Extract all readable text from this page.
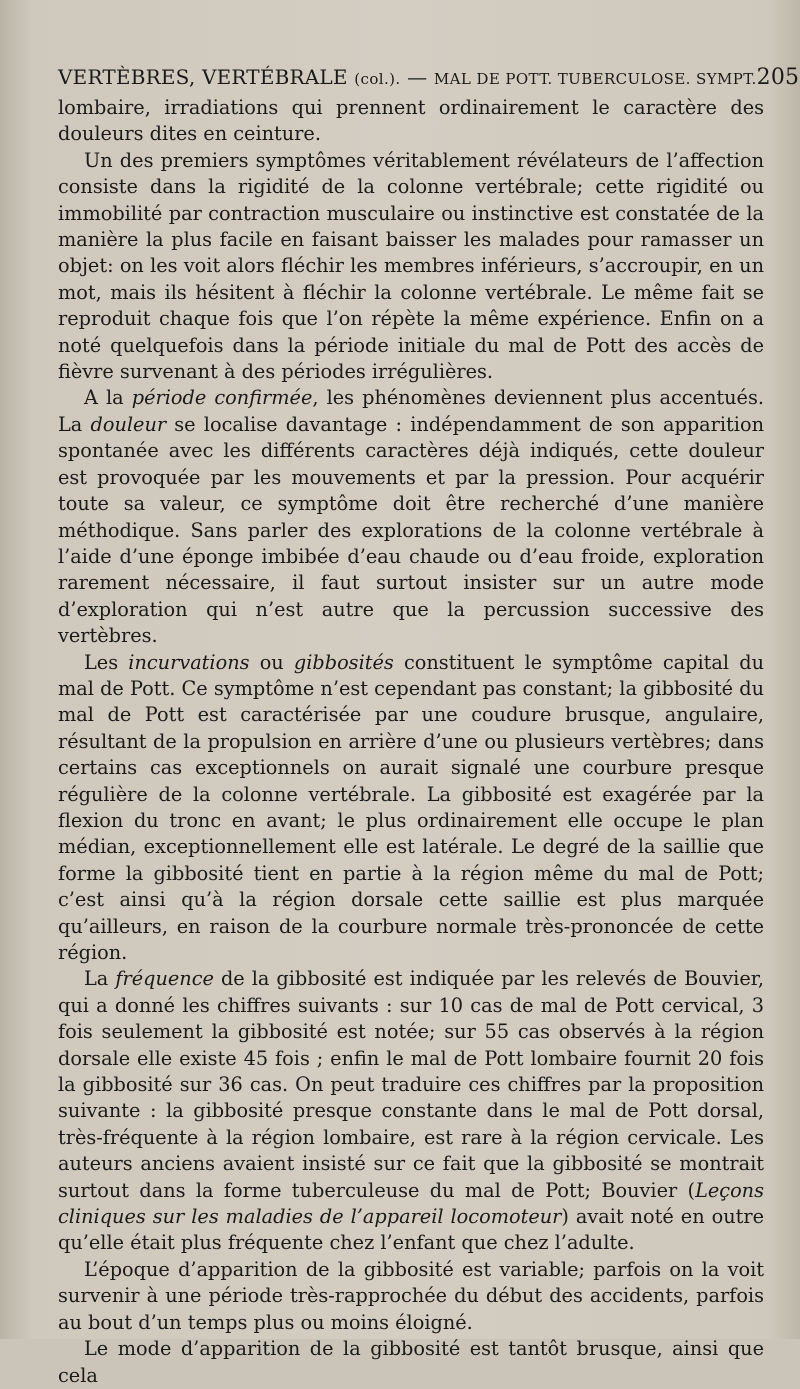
VERTÈBRES, VERTÉBRALE (col.). — MAL DE POTT. TUBERCULOSE. SYMPT. 205

lombaire, irradiations qui prennent ordinairement le caractère des douleurs dites en ceinture.

Un des premiers symptômes véritablement révélateurs de l’affection consiste dans la rigidité de la colonne vertébrale; cette rigidité ou immobilité par contraction musculaire ou instinctive est constatée de la manière la plus facile en faisant baisser les malades pour ramasser un objet: on les voit alors fléchir les membres inférieurs, s’accroupir, en un mot, mais ils hésitent à fléchir la colonne vertébrale. Le même fait se reproduit chaque fois que l’on répète la même expérience. Enfin on a noté quelquefois dans la période initiale du mal de Pott des accès de fièvre survenant à des périodes irrégulières.

A la période confirmée, les phénomènes deviennent plus accentués. La douleur se localise davantage : indépendamment de son apparition spontanée avec les différents caractères déjà indiqués, cette douleur est provoquée par les mouvements et par la pression. Pour acquérir toute sa valeur, ce symptôme doit être recherché d’une manière méthodique. Sans parler des explorations de la colonne vertébrale à l’aide d’une éponge imbibée d’eau chaude ou d’eau froide, exploration rarement nécessaire, il faut surtout insister sur un autre mode d’exploration qui n’est autre que la percussion successive des vertèbres.

Les incurvations ou gibbosités constituent le symptôme capital du mal de Pott. Ce symptôme n’est cependant pas constant; la gibbosité du mal de Pott est caractérisée par une coudure brusque, angulaire, résultant de la propulsion en arrière d’une ou plusieurs vertèbres; dans certains cas exceptionnels on aurait signalé une courbure presque régulière de la colonne vertébrale. La gibbosité est exagérée par la flexion du tronc en avant; le plus ordinairement elle occupe le plan médian, exceptionnellement elle est latérale. Le degré de la saillie que forme la gibbosité tient en partie à la région même du mal de Pott; c’est ainsi qu’à la région dorsale cette saillie est plus marquée qu’ailleurs, en raison de la courbure normale très-prononcée de cette région.

La fréquence de la gibbosité est indiquée par les relevés de Bouvier, qui a donné les chiffres suivants : sur 10 cas de mal de Pott cervical, 3 fois seulement la gibbosité est notée; sur 55 cas observés à la région dorsale elle existe 45 fois ; enfin le mal de Pott lombaire fournit 20 fois la gibbosité sur 36 cas. On peut traduire ces chiffres par la proposition suivante : la gibbosité presque constante dans le mal de Pott dorsal, très-fréquente à la région lombaire, est rare à la région cervicale. Les auteurs anciens avaient insisté sur ce fait que la gibbosité se montrait surtout dans la forme tuberculeuse du mal de Pott; Bouvier (Leçons cliniques sur les maladies de l’appareil locomoteur) avait noté en outre qu’elle était plus fréquente chez l’enfant que chez l’adulte.

L’époque d’apparition de la gibbosité est variable; parfois on la voit survenir à une période très-rapprochée du début des accidents, parfois au bout d’un temps plus ou moins éloigné.

Le mode d’apparition de la gibbosité est tantôt brusque, ainsi que cela
